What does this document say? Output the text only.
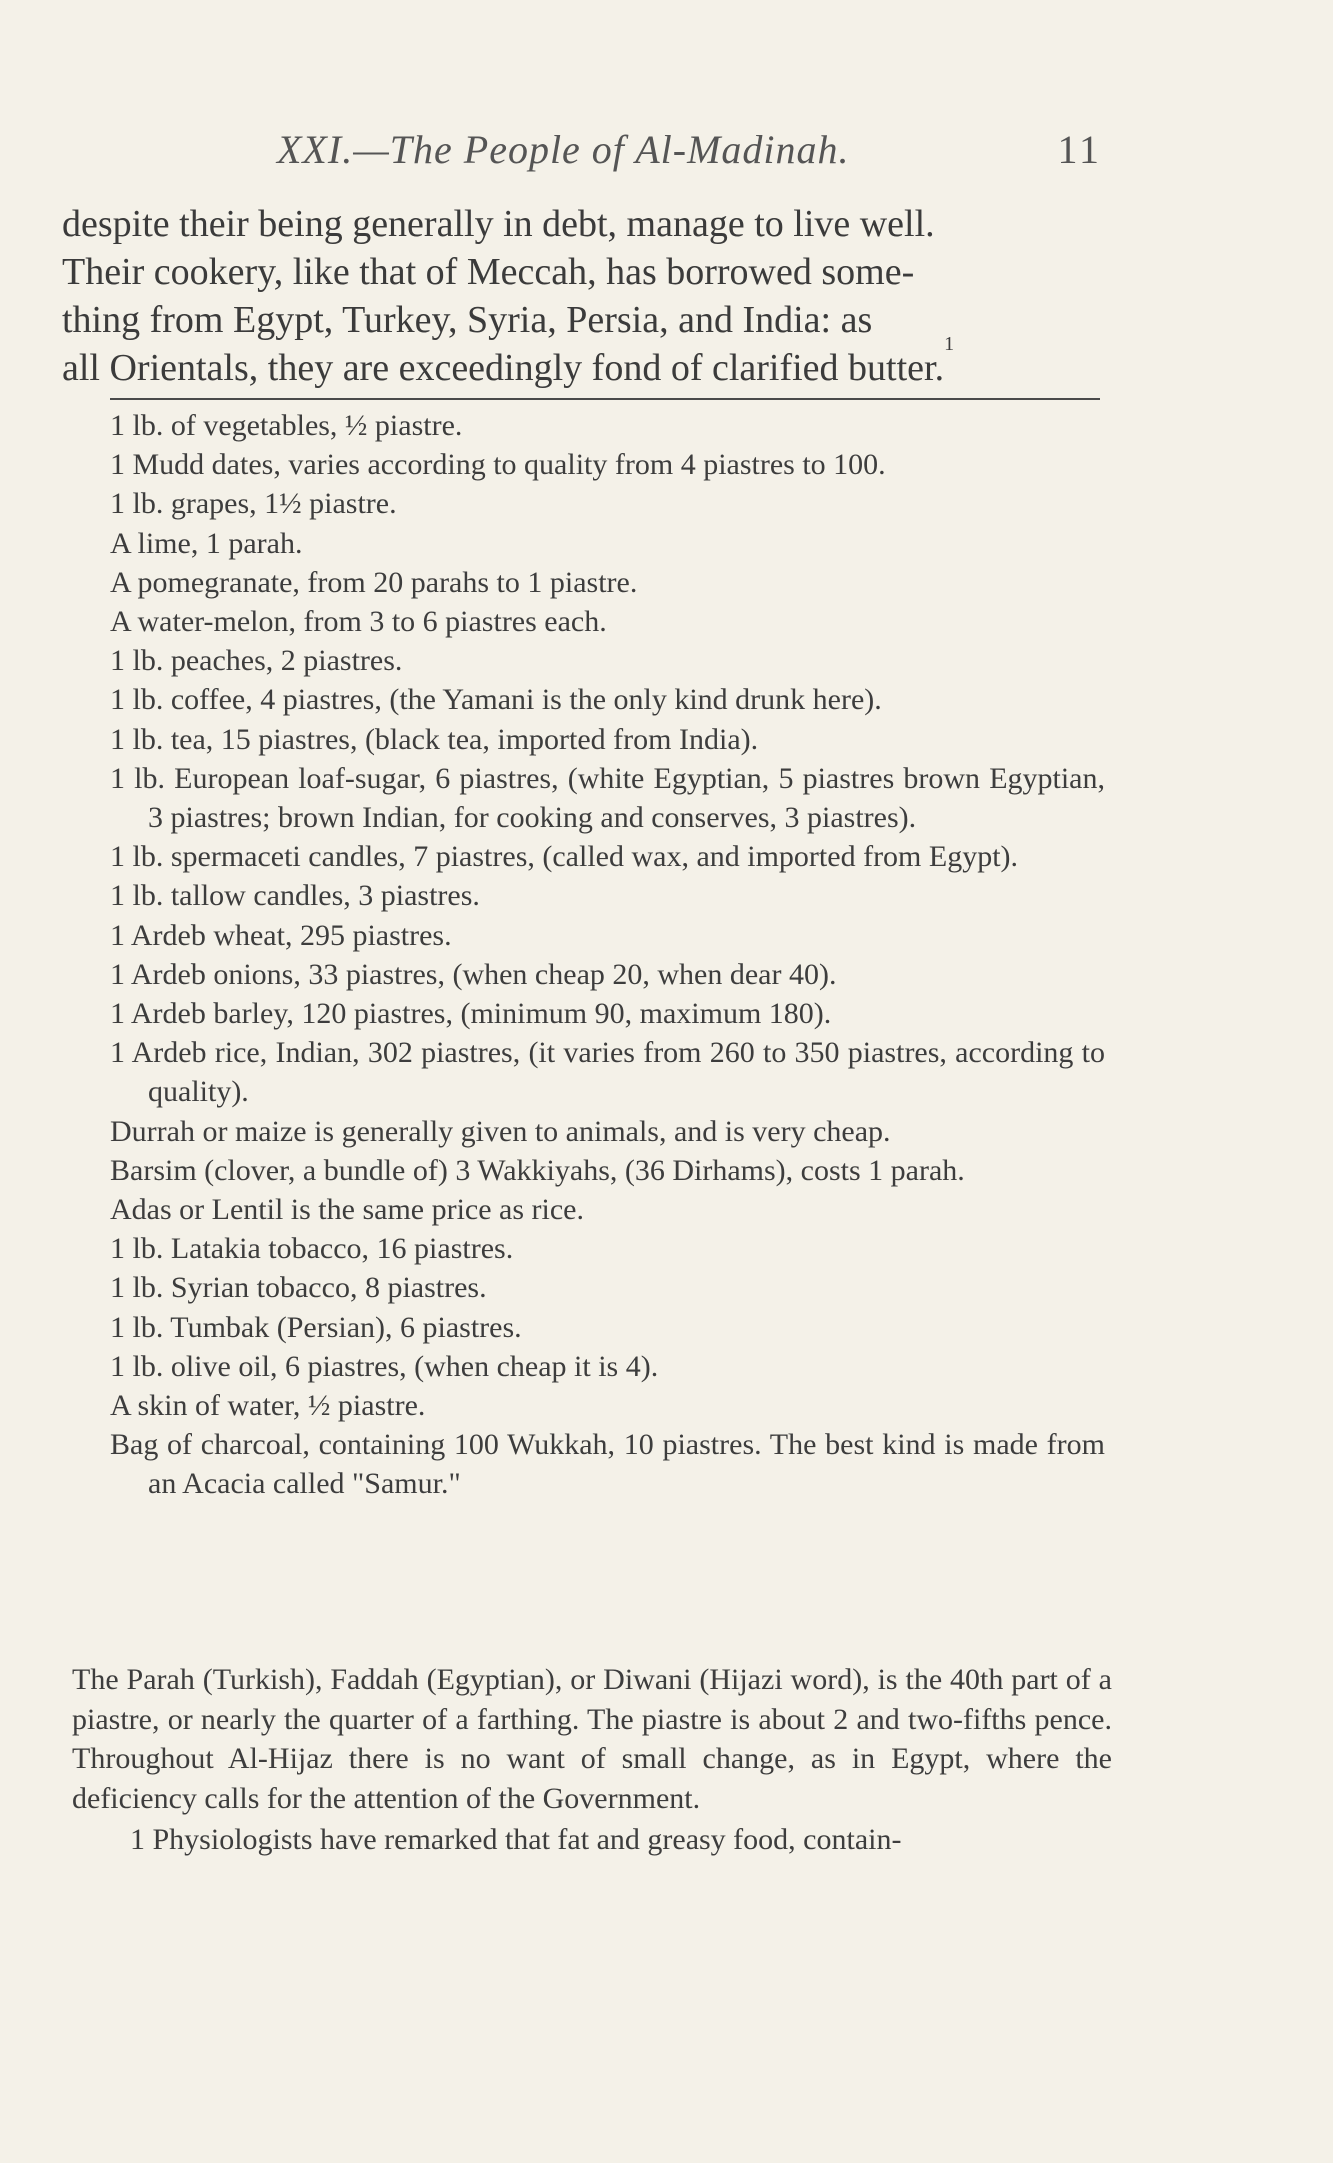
XXI.—The People of Al-Madinah.	11
despite their being generally in debt, manage to live well.
Their cookery, like that of Meccah, has borrowed some-
thing from Egypt, Turkey, Syria, Persia, and India: as
all Orientals, they are exceedingly fond of clarified butter.
1
1 lb. of vegetables, ½ piastre.
1 Mudd dates, varies according to quality from 4 piastres to 100.
1 lb. grapes, 1½ piastre.
A lime, 1 parah.
A pomegranate, from 20 parahs to 1 piastre.
A water-melon, from 3 to 6 piastres each.
1 lb. peaches, 2 piastres.
1 lb. coffee, 4 piastres, (the Yamani is the only kind drunk here).
1 lb. tea, 15 piastres, (black tea, imported from India).
1 lb. European loaf-sugar, 6 piastres, (white Egyptian, 5 piastres brown Egyptian, 3 piastres; brown Indian, for cooking and conserves, 3 piastres).
1 lb. spermaceti candles, 7 piastres, (called wax, and imported from Egypt).
1 lb. tallow candles, 3 piastres.
1 Ardeb wheat, 295 piastres.
1 Ardeb onions, 33 piastres, (when cheap 20, when dear 40).
1 Ardeb barley, 120 piastres, (minimum 90, maximum 180).
1 Ardeb rice, Indian, 302 piastres, (it varies from 260 to 350 piastres, according to quality).
Durrah or maize is generally given to animals, and is very cheap.
Barsim (clover, a bundle of) 3 Wakkiyahs, (36 Dirhams), costs 1 parah.
Adas or Lentil is the same price as rice.
1 lb. Latakia tobacco, 16 piastres.
1 lb. Syrian tobacco, 8 piastres.
1 lb. Tumbak (Persian), 6 piastres.
1 lb. olive oil, 6 piastres, (when cheap it is 4).
A skin of water, ½ piastre.
Bag of charcoal, containing 100 Wukkah, 10 piastres. The best kind is made from an Acacia called "Samur."
The Parah (Turkish), Faddah (Egyptian), or Diwani (Hijazi word), is the 40th part of a piastre, or nearly the quarter of a farthing. The piastre is about 2 and two-fifths pence. Throughout Al-Hijaz there is no want of small change, as in Egypt, where the deficiency calls for the attention of the Government.
1 Physiologists have remarked that fat and greasy food, contain-
